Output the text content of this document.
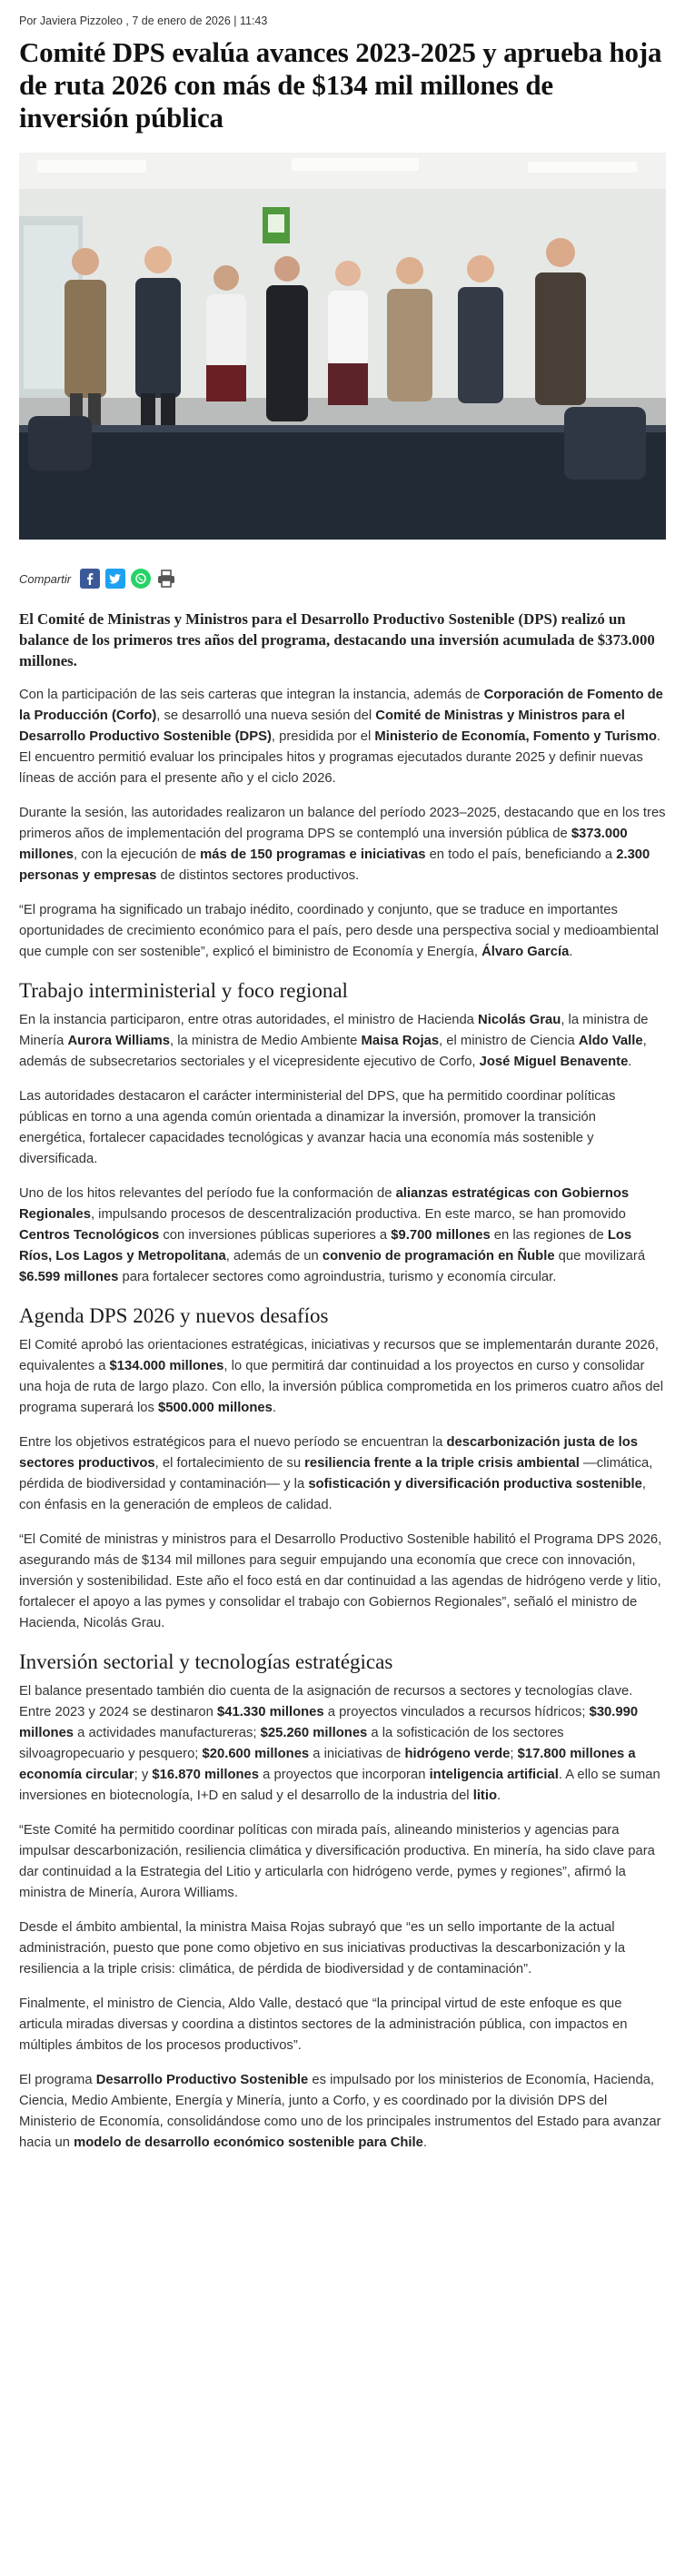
Por Javiera Pizzoleo , 7 de enero de 2026 | 11:43
Comité DPS evalúa avances 2023-2025 y aprueba hoja de ruta 2026 con más de $134 mil millones de inversión pública
Compartir
El Comité de Ministras y Ministros para el Desarrollo Productivo Sostenible (DPS) realizó un balance de los primeros tres años del programa, destacando una inversión acumulada de $373.000 millones.

Con la participación de las seis carteras que integran la instancia, además de Corporación de Fomento de la Producción (Corfo), se desarrolló una nueva sesión del Comité de Ministras y Ministros para el Desarrollo Productivo Sostenible (DPS), presidida por el Ministerio de Economía, Fomento y Turismo. El encuentro permitió evaluar los principales hitos y programas ejecutados durante 2025 y definir nuevas líneas de acción para el presente año y el ciclo 2026.

Durante la sesión, las autoridades realizaron un balance del período 2023–2025, destacando que en los tres primeros años de implementación del programa DPS se contempló una inversión pública de $373.000 millones, con la ejecución de más de 150 programas e iniciativas en todo el país, beneficiando a 2.300 personas y empresas de distintos sectores productivos.

“El programa ha significado un trabajo inédito, coordinado y conjunto, que se traduce en importantes oportunidades de crecimiento económico para el país, pero desde una perspectiva social y medioambiental que cumple con ser sostenible”, explicó el biministro de Economía y Energía, Álvaro García.

Trabajo interministerial y foco regional

En la instancia participaron, entre otras autoridades, el ministro de Hacienda Nicolás Grau, la ministra de Minería Aurora Williams, la ministra de Medio Ambiente Maisa Rojas, el ministro de Ciencia Aldo Valle, además de subsecretarios sectoriales y el vicepresidente ejecutivo de Corfo, José Miguel Benavente.

Las autoridades destacaron el carácter interministerial del DPS, que ha permitido coordinar políticas públicas en torno a una agenda común orientada a dinamizar la inversión, promover la transición energética, fortalecer capacidades tecnológicas y avanzar hacia una economía más sostenible y diversificada.

Uno de los hitos relevantes del período fue la conformación de alianzas estratégicas con Gobiernos Regionales, impulsando procesos de descentralización productiva. En este marco, se han promovido Centros Tecnológicos con inversiones públicas superiores a $9.700 millones en las regiones de Los Ríos, Los Lagos y Metropolitana, además de un convenio de programación en Ñuble que movilizará $6.599 millones para fortalecer sectores como agroindustria, turismo y economía circular.

Agenda DPS 2026 y nuevos desafíos

El Comité aprobó las orientaciones estratégicas, iniciativas y recursos que se implementarán durante 2026, equivalentes a $134.000 millones, lo que permitirá dar continuidad a los proyectos en curso y consolidar una hoja de ruta de largo plazo. Con ello, la inversión pública comprometida en los primeros cuatro años del programa superará los $500.000 millones.

Entre los objetivos estratégicos para el nuevo período se encuentran la descarbonización justa de los sectores productivos, el fortalecimiento de su resiliencia frente a la triple crisis ambiental —climática, pérdida de biodiversidad y contaminación— y la sofisticación y diversificación productiva sostenible, con énfasis en la generación de empleos de calidad.

“El Comité de ministras y ministros para el Desarrollo Productivo Sostenible habilitó el Programa DPS 2026, asegurando más de $134 mil millones para seguir empujando una economía que crece con innovación, inversión y sostenibilidad. Este año el foco está en dar continuidad a las agendas de hidrógeno verde y litio, fortalecer el apoyo a las pymes y consolidar el trabajo con Gobiernos Regionales”, señaló el ministro de Hacienda, Nicolás Grau.

Inversión sectorial y tecnologías estratégicas

El balance presentado también dio cuenta de la asignación de recursos a sectores y tecnologías clave. Entre 2023 y 2024 se destinaron $41.330 millones a proyectos vinculados a recursos hídricos; $30.990 millones a actividades manufactureras; $25.260 millones a la sofisticación de los sectores silvoagropecuario y pesquero; $20.600 millones a iniciativas de hidrógeno verde; $17.800 millones a economía circular; y $16.870 millones a proyectos que incorporan inteligencia artificial. A ello se suman inversiones en biotecnología, I+D en salud y el desarrollo de la industria del litio.

“Este Comité ha permitido coordinar políticas con mirada país, alineando ministerios y agencias para impulsar descarbonización, resiliencia climática y diversificación productiva. En minería, ha sido clave para dar continuidad a la Estrategia del Litio y articularla con hidrógeno verde, pymes y regiones”, afirmó la ministra de Minería, Aurora Williams.

Desde el ámbito ambiental, la ministra Maisa Rojas subrayó que “es un sello importante de la actual administración, puesto que pone como objetivo en sus iniciativas productivas la descarbonización y la resiliencia a la triple crisis: climática, de pérdida de biodiversidad y de contaminación”.

Finalmente, el ministro de Ciencia, Aldo Valle, destacó que “la principal virtud de este enfoque es que articula miradas diversas y coordina a distintos sectores de la administración pública, con impactos en múltiples ámbitos de los procesos productivos”.

El programa Desarrollo Productivo Sostenible es impulsado por los ministerios de Economía, Hacienda, Ciencia, Medio Ambiente, Energía y Minería, junto a Corfo, y es coordinado por la división DPS del Ministerio de Economía, consolidándose como uno de los principales instrumentos del Estado para avanzar hacia un modelo de desarrollo económico sostenible para Chile.
